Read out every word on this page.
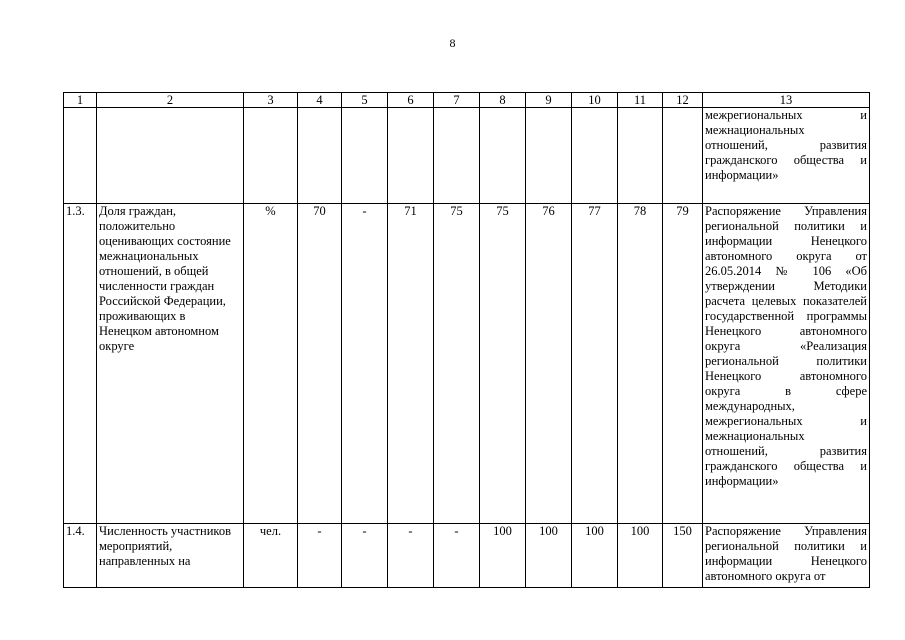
8
1	2	3	4	5	6	7	8	9	10	11	12	13
												межрегиональных и межнациональных отношений, развития гражданского общества и информации»
1.3.	Доля граждан, положительно оценивающих состояние межнациональных отношений, в общей численности граждан Российской Федерации, проживающих в Ненецком автономном округе	%	70	-	71	75	75	76	77	78	79	Распоряжение Управления региональной политики и информации Ненецкого автономного округа от 26.05.2014 № 106 «Об утверждении Методики расчета целевых показателей государственной программы Ненецкого автономного округа «Реализация региональной политики Ненецкого автономного округа в сфере международных, межрегиональных и межнациональных отношений, развития гражданского общества и информации»
1.4.	Численность участников мероприятий, направленных на	чел.	-	-	-	-	100	100	100	100	150	Распоряжение Управления региональной политики и информации Ненецкого автономного округа от
